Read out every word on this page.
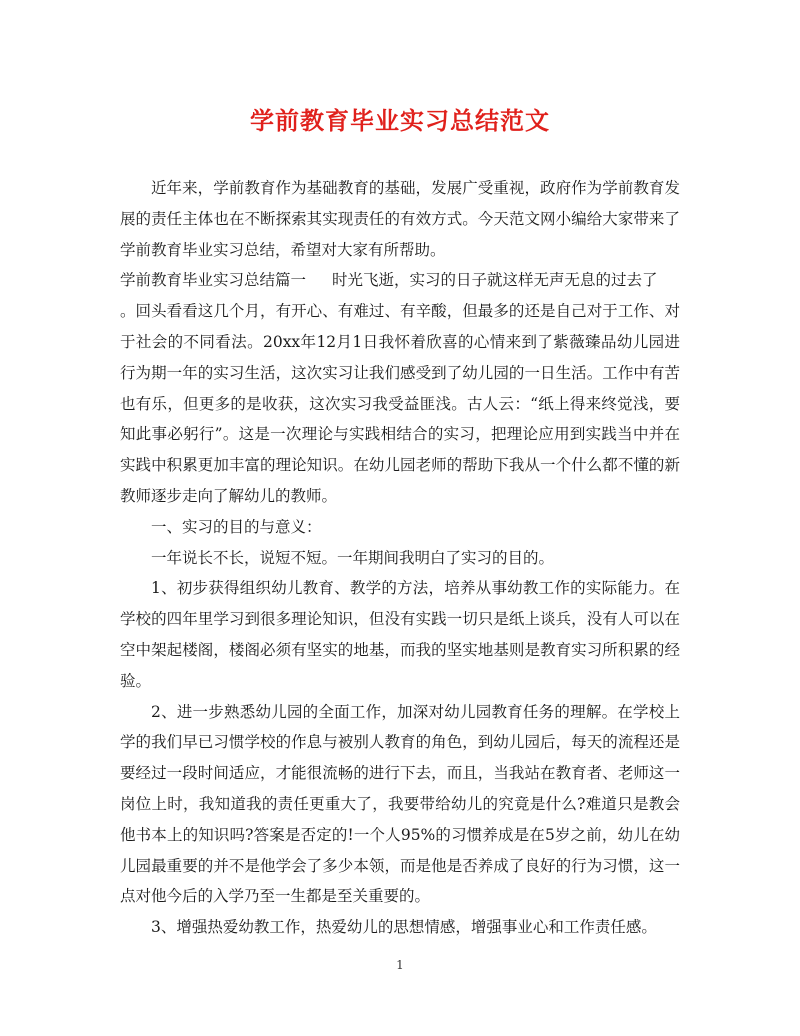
学前教育毕业实习总结范文

近年来，学前教育作为基础教育的基础，发展广受重视，政府作为学前教育发展的责任主体也在不断探索其实现责任的有效方式。今天范文网小编给大家带来了学前教育毕业实习总结，希望对大家有所帮助。

学前教育毕业实习总结篇一 时光飞逝，实习的日子就这样无声无息的过去了

。回头看看这几个月，有开心、有难过、有辛酸，但最多的还是自己对于工作、对于社会的不同看法。20xx年12月1日我怀着欣喜的心情来到了紫薇臻品幼儿园进行为期一年的实习生活，这次实习让我们感受到了幼儿园的一日生活。工作中有苦也有乐，但更多的是收获，这次实习我受益匪浅。古人云：“纸上得来终觉浅，要知此事必躬行”。这是一次理论与实践相结合的实习，把理论应用到实践当中并在实践中积累更加丰富的理论知识。在幼儿园老师的帮助下我从一个什么都不懂的新教师逐步走向了解幼儿的教师。

一、实习的目的与意义：

一年说长不长，说短不短。一年期间我明白了实习的目的。

1、初步获得组织幼儿教育、教学的方法，培养从事幼教工作的实际能力。在学校的四年里学习到很多理论知识，但没有实践一切只是纸上谈兵，没有人可以在空中架起楼阁，楼阁必须有坚实的地基，而我的坚实地基则是教育实习所积累的经验。

2、进一步熟悉幼儿园的全面工作，加深对幼儿园教育任务的理解。在学校上学的我们早已习惯学校的作息与被别人教育的角色，到幼儿园后，每天的流程还是要经过一段时间适应，才能很流畅的进行下去，而且，当我站在教育者、老师这一岗位上时，我知道我的责任更重大了，我要带给幼儿的究竟是什么?难道只是教会他书本上的知识吗?答案是否定的!一个人95%的习惯养成是在5岁之前，幼儿在幼儿园最重要的并不是他学会了多少本领，而是他是否养成了良好的行为习惯，这一点对他今后的入学乃至一生都是至关重要的。

3、增强热爱幼教工作，热爱幼儿的思想情感，增强事业心和工作责任感。

1
